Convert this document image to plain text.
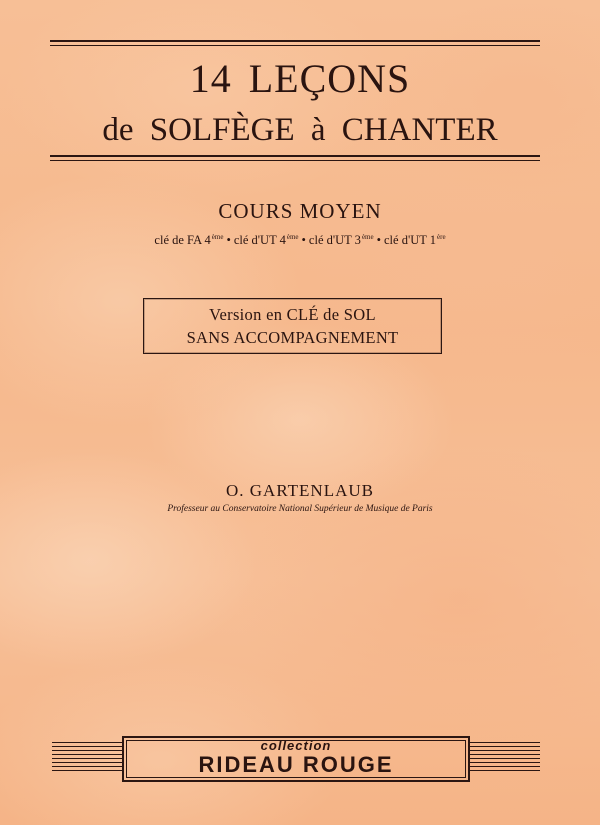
14 LEÇONS
de SOLFÈGE à CHANTER
COURS MOYEN
clé de FA 4ème • clé d'UT 4ème • clé d'UT 3ème • clé d'UT 1ère
Version en CLÉ de SOL
SANS ACCOMPAGNEMENT
O. GARTENLAUB
Professeur au Conservatoire National Supérieur de Musique de Paris
collection
RIDEAU ROUGE
